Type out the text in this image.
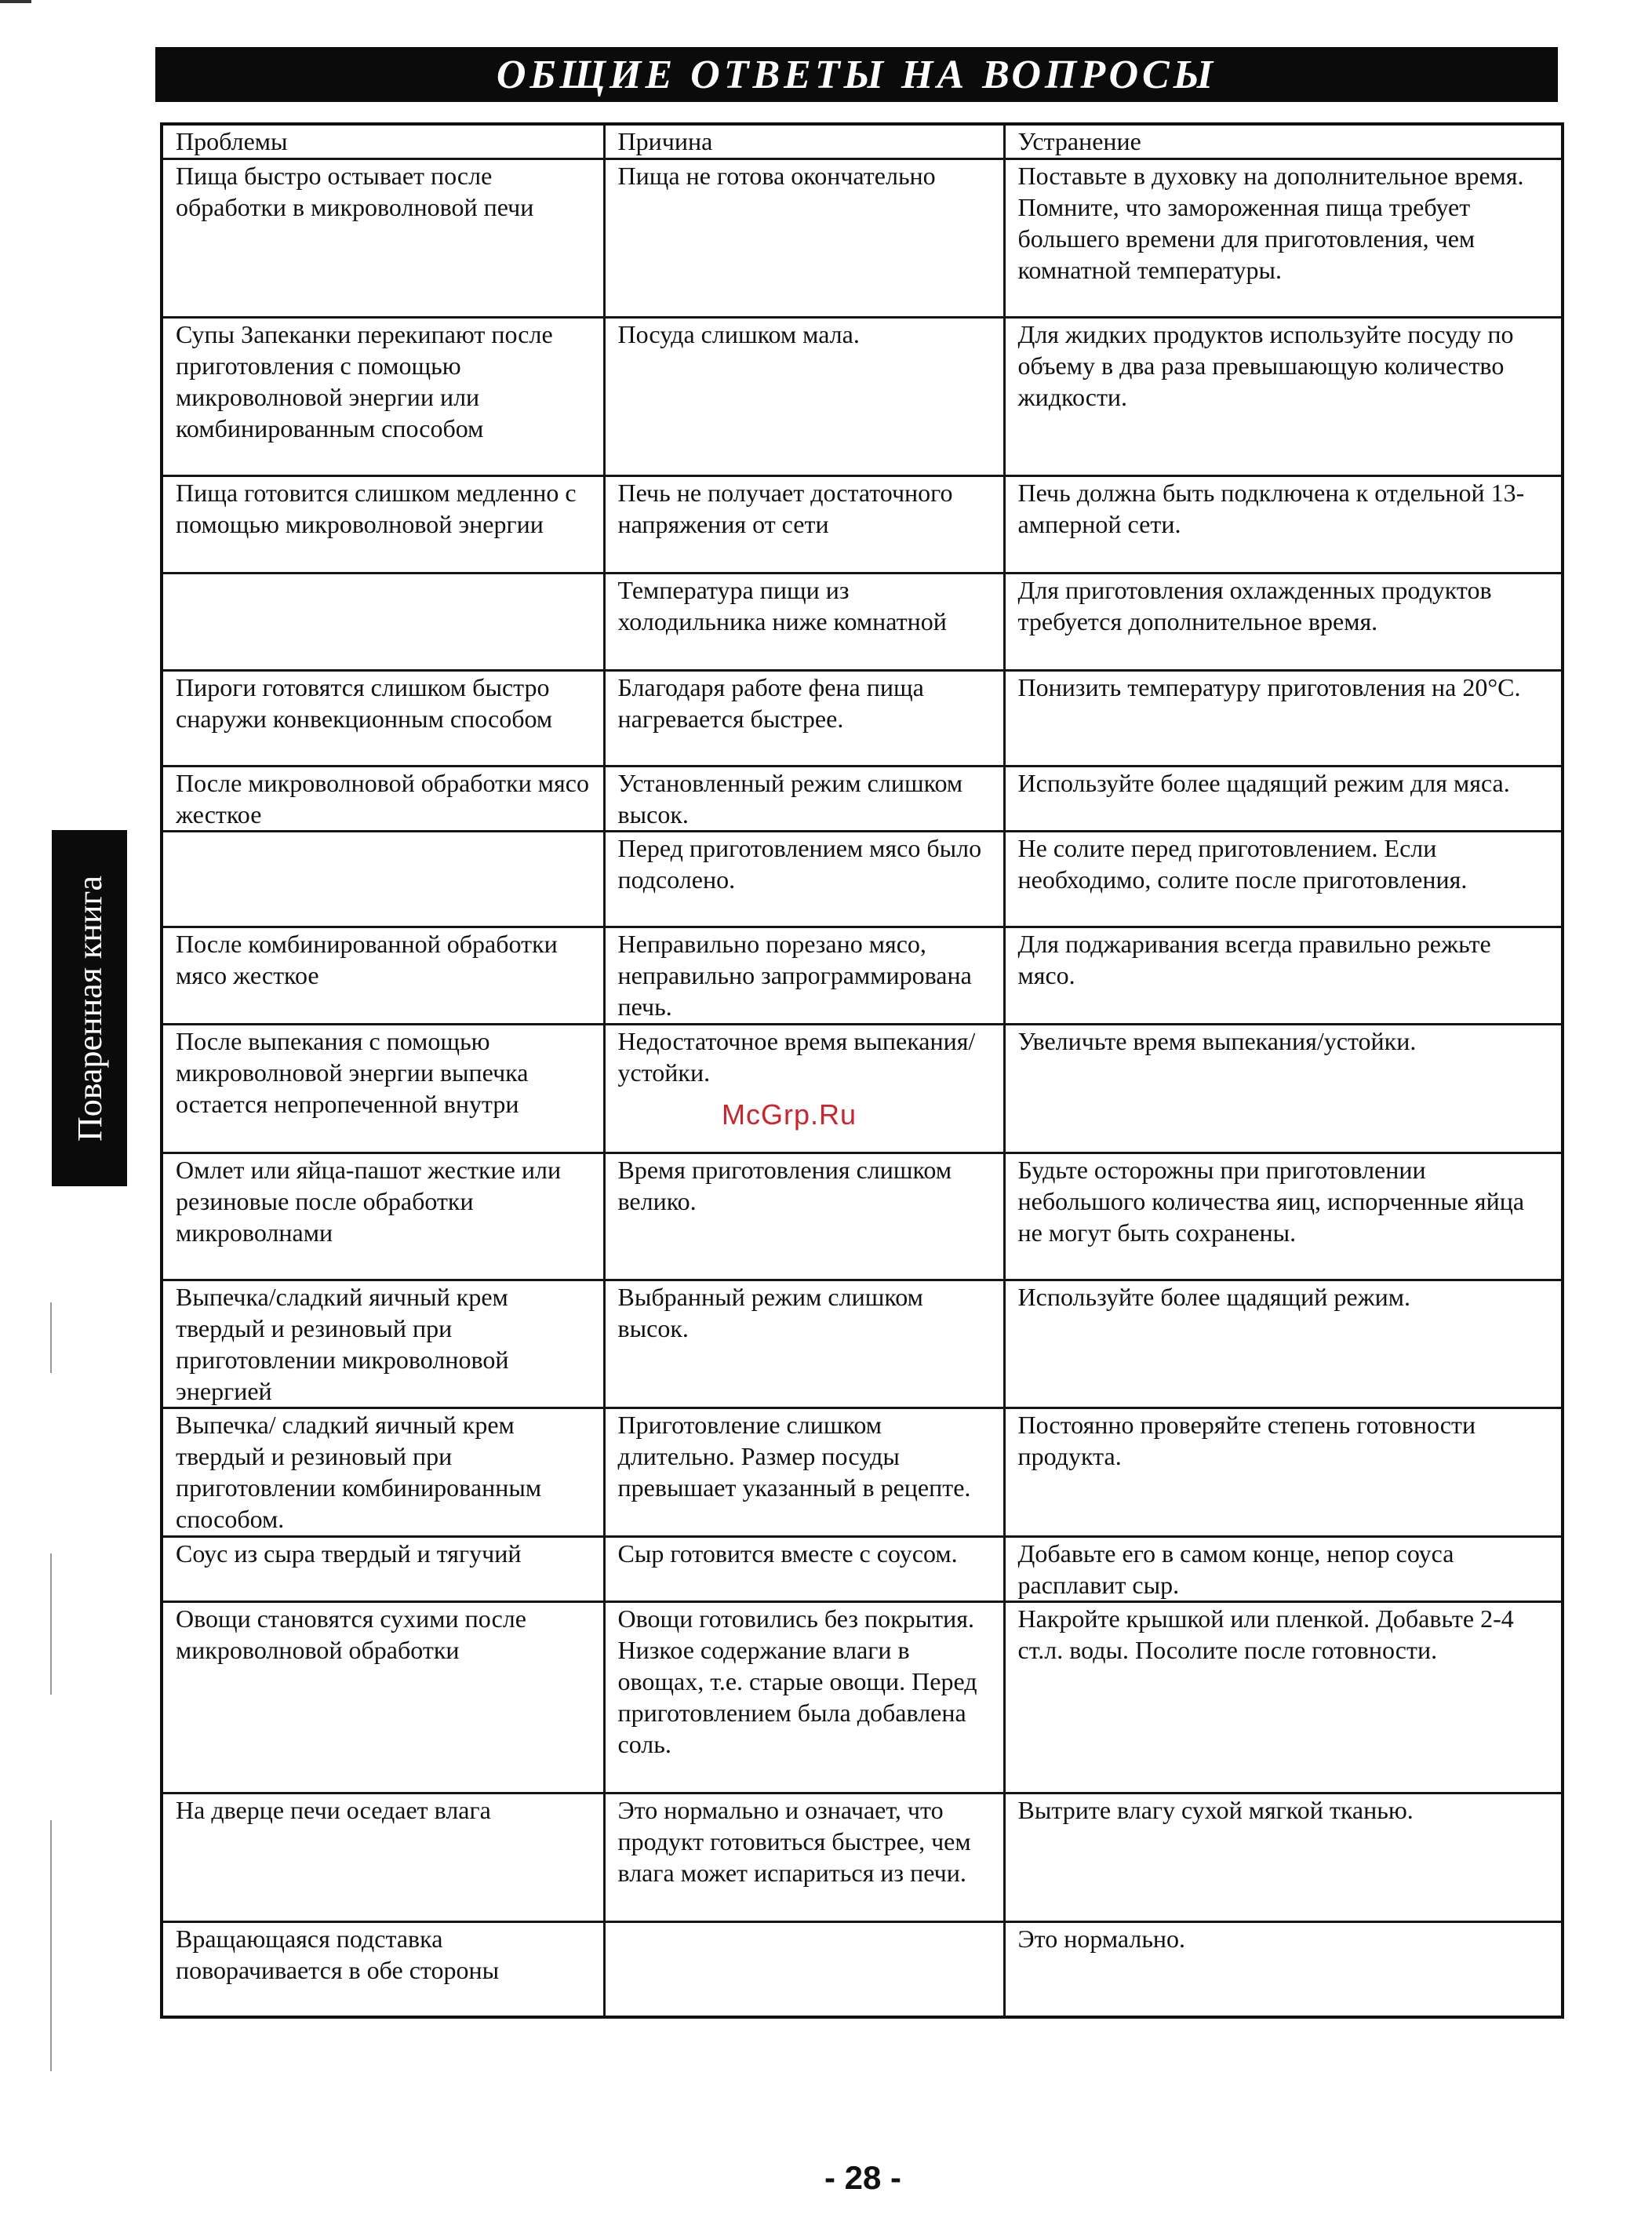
ОБЩИЕ ОТВЕТЫ НА ВОПРОСЫ
Поваренная книга
Проблемы	Причина	Устранение
Пища быстро остывает после обработки в микроволновой печи	Пища не готова окончательно	Поставьте в духовку на дополнительное время. Помните, что замороженная пища требует большего времени для приготовления, чем комнатной температуры.
Супы Запеканки перекипают после приготовления с помощью микроволновой энергии или комбинированным способом	Посуда слишком мала.	Для жидких продуктов используйте посуду по объему в два раза превышающую количество жидкости.
Пища готовится слишком медленно с помощью микроволновой энергии	Печь не получает достаточного напряжения от сети	Печь должна быть подключена к отдельной 13-амперной сети.
	Температура пищи из холодильника ниже комнатной	Для приготовления охлажденных продуктов требуется дополнительное время.
Пироги готовятся слишком быстро снаружи конвекционным способом	Благодаря работе фена пища нагревается быстрее.	Понизить температуру приготовления на 20°С.
После микроволновой обработки мясо жесткое	Установленный режим слишком высок.	Используйте более щадящий режим для мяса.
	Перед приготовлением мясо было подсолено.	Не солите перед приготовлением. Если необходимо, солите после приготовления.
После комбинированной обработки мясо жесткое	Неправильно порезано мясо, неправильно запрограммирована печь.	Для поджаривания всегда правильно режьте мясо.
После выпекания с помощью микроволновой энергии выпечка остается непропеченной внутри	Недостаточное время выпекания/устойки.	Увеличьте время выпекания/устойки.
Омлет или яйца-пашот жесткие или резиновые после обработки микроволнами	Время приготовления слишком велико.	Будьте осторожны при приготовлении небольшого количества яиц, испорченные яйца не могут быть сохранены.
Выпечка/сладкий яичный крем твердый и резиновый при приготовлении микроволновой энергией	Выбранный режим слишком высок.	Используйте более щадящий режим.
Выпечка/ сладкий яичный крем твердый и резиновый при приготовлении комбинированным способом.	Приготовление слишком длительно. Размер посуды превышает указанный в рецепте.	Постоянно проверяйте степень готовности продукта.
Соус из сыра твердый и тягучий	Сыр готовится вместе с соусом.	Добавьте его в самом конце, непор соуса расплавит сыр.
Овощи становятся сухими после микроволновой обработки	Овощи готовились без покрытия. Низкое содержание влаги в овощах, т.е. старые овощи. Перед приготовлением была добавлена соль.	Накройте крышкой или пленкой. Добавьте 2-4 ст.л. воды. Посолите после готовности.
На дверце печи оседает влага	Это нормально и означает, что продукт готовиться быстрее, чем влага может испариться из печи.	Вытрите влагу сухой мягкой тканью.
Вращающаяся подставка поворачивается в обе стороны		Это нормально.
McGrp.Ru
- 28 -
